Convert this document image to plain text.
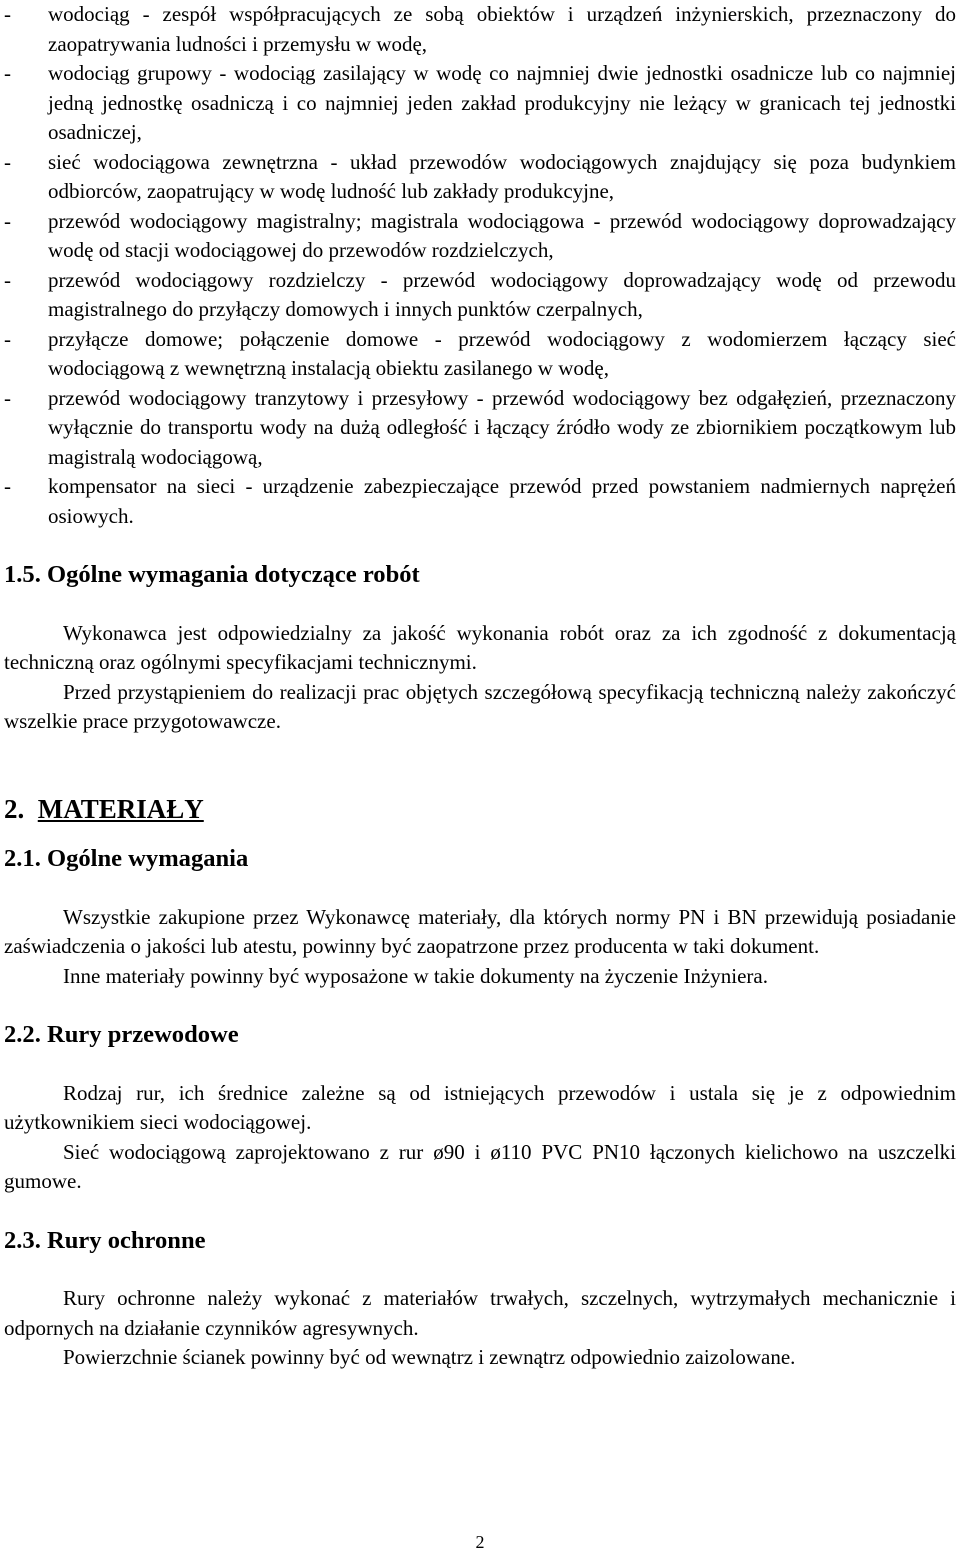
- wodociąg - zespół współpracujących ze sobą obiektów i urządzeń inżynierskich, przeznaczony do zaopatrywania ludności i przemysłu w wodę,
- wodociąg grupowy - wodociąg zasilający w wodę co najmniej dwie jednostki osadnicze lub co najmniej jedną jednostkę osadniczą i co najmniej jeden zakład produkcyjny nie leżący w granicach tej jednostki osadniczej,
- sieć wodociągowa zewnętrzna - układ przewodów wodociągowych znajdujący się poza budynkiem odbiorców, zaopatrujący w wodę ludność lub zakłady produkcyjne,
- przewód wodociągowy magistralny; magistrala wodociągowa - przewód wodociągowy doprowadzający wodę od stacji wodociągowej do przewodów rozdzielczych,
- przewód wodociągowy rozdzielczy - przewód wodociągowy doprowadzający wodę od przewodu magistralnego do przyłączy domowych i innych punktów czerpalnych,
- przyłącze domowe; połączenie domowe - przewód wodociągowy z wodomierzem łączący sieć wodociągową z wewnętrzną instalacją obiektu zasilanego w wodę,
- przewód wodociągowy tranzytowy i przesyłowy - przewód wodociągowy bez odgałęzień, przeznaczony wyłącznie do transportu wody na dużą odległość i łączący źródło wody ze zbiornikiem początkowym lub magistralą wodociągową,
- kompensator na sieci - urządzenie zabezpieczające przewód przed powstaniem nadmiernych naprężeń osiowych.
1.5. Ogólne wymagania dotyczące robót

Wykonawca jest odpowiedzialny za jakość wykonania robót oraz za ich zgodność z dokumentacją techniczną oraz ogólnymi specyfikacjami technicznymi.

Przed przystąpieniem do realizacji prac objętych szczegółową specyfikacją techniczną należy zakończyć wszelkie prace przygotowawcze.

2. MATERIAŁY
2.1. Ogólne wymagania

Wszystkie zakupione przez Wykonawcę materiały, dla których normy PN i BN przewidują posiadanie zaświadczenia o jakości lub atestu, powinny być zaopatrzone przez producenta w taki dokument.

Inne materiały powinny być wyposażone w takie dokumenty na życzenie Inżyniera.

2.2. Rury przewodowe

Rodzaj rur, ich średnice zależne są od istniejących przewodów i ustala się je z odpowiednim użytkownikiem sieci wodociągowej.

Sieć wodociągową zaprojektowano z rur ø90 i ø110 PVC PN10 łączonych kielichowo na uszczelki gumowe.

2.3. Rury ochronne

Rury ochronne należy wykonać z materiałów trwałych, szczelnych, wytrzymałych mechanicznie i odpornych na działanie czynników agresywnych.

Powierzchnie ścianek powinny być od wewnątrz i zewnątrz odpowiednio zaizolowane.

2
